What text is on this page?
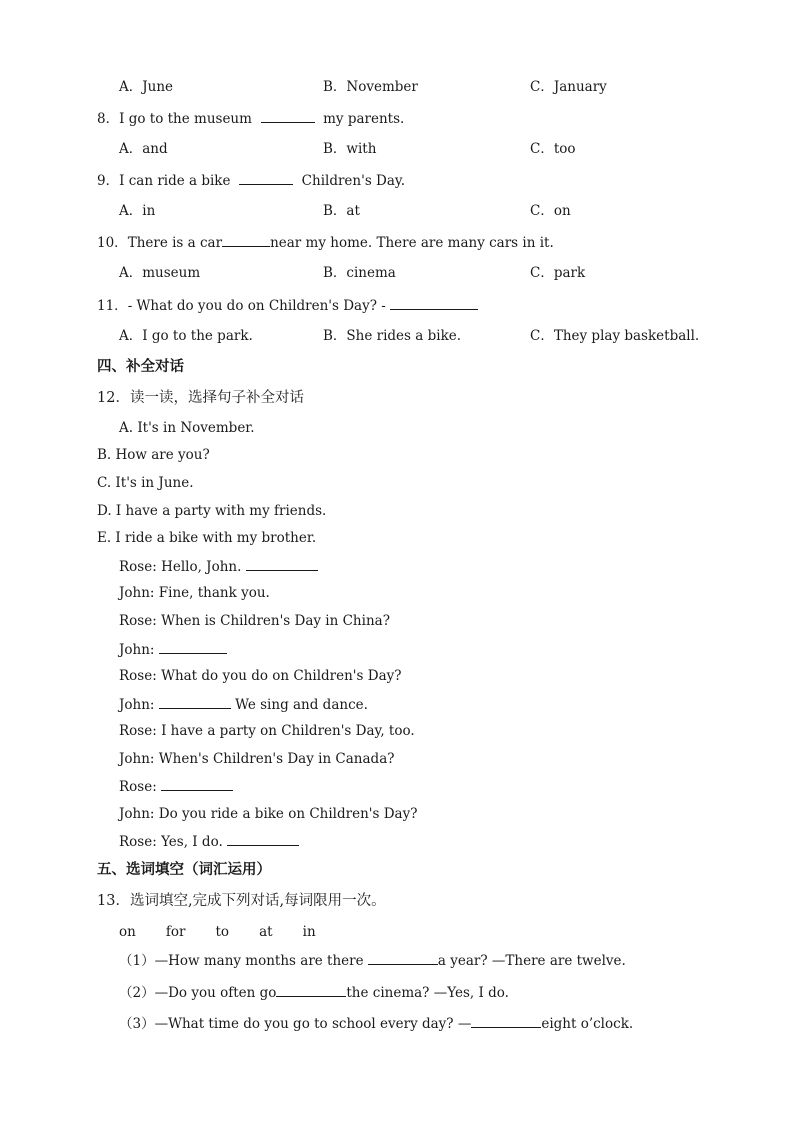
A．June	B．November	C．January
8．I go to the museum	my parents.
A．and	B．with	C．too
9．I can ride a bike	Children's Day.
A．in	B．at	C．on
10．There is a car	near my home. There are many cars in it.
A．museum	B．cinema	C．park
11．- What do you do on Children's Day? -
A．I go to the park.	B．She rides a bike.	C．They play basketball.
四、补全对话
12．读一读，选择句子补全对话
A. It's in November.
B. How are you?
C. It's in June.
D. I have a party with my friends.
E. I ride a bike with my brother.
Rose: Hello, John.
John: Fine, thank you.
Rose: When is Children's Day in China?
John:
Rose: What do you do on Children's Day?
John:	We sing and dance.
Rose: I have a party on Children's Day, too.
John: When's Children's Day in Canada?
Rose:
John: Do you ride a bike on Children's Day?
Rose: Yes, I do.
五、选词填空（词汇运用）
13．选词填空,完成下列对话,每词限用一次。
on for to at in
（1）—How many months are there	a year? —There are twelve.
（2）—Do you often go	the cinema? —Yes, I do.
（3）—What time do you go to school every day? —	eight o’clock.
